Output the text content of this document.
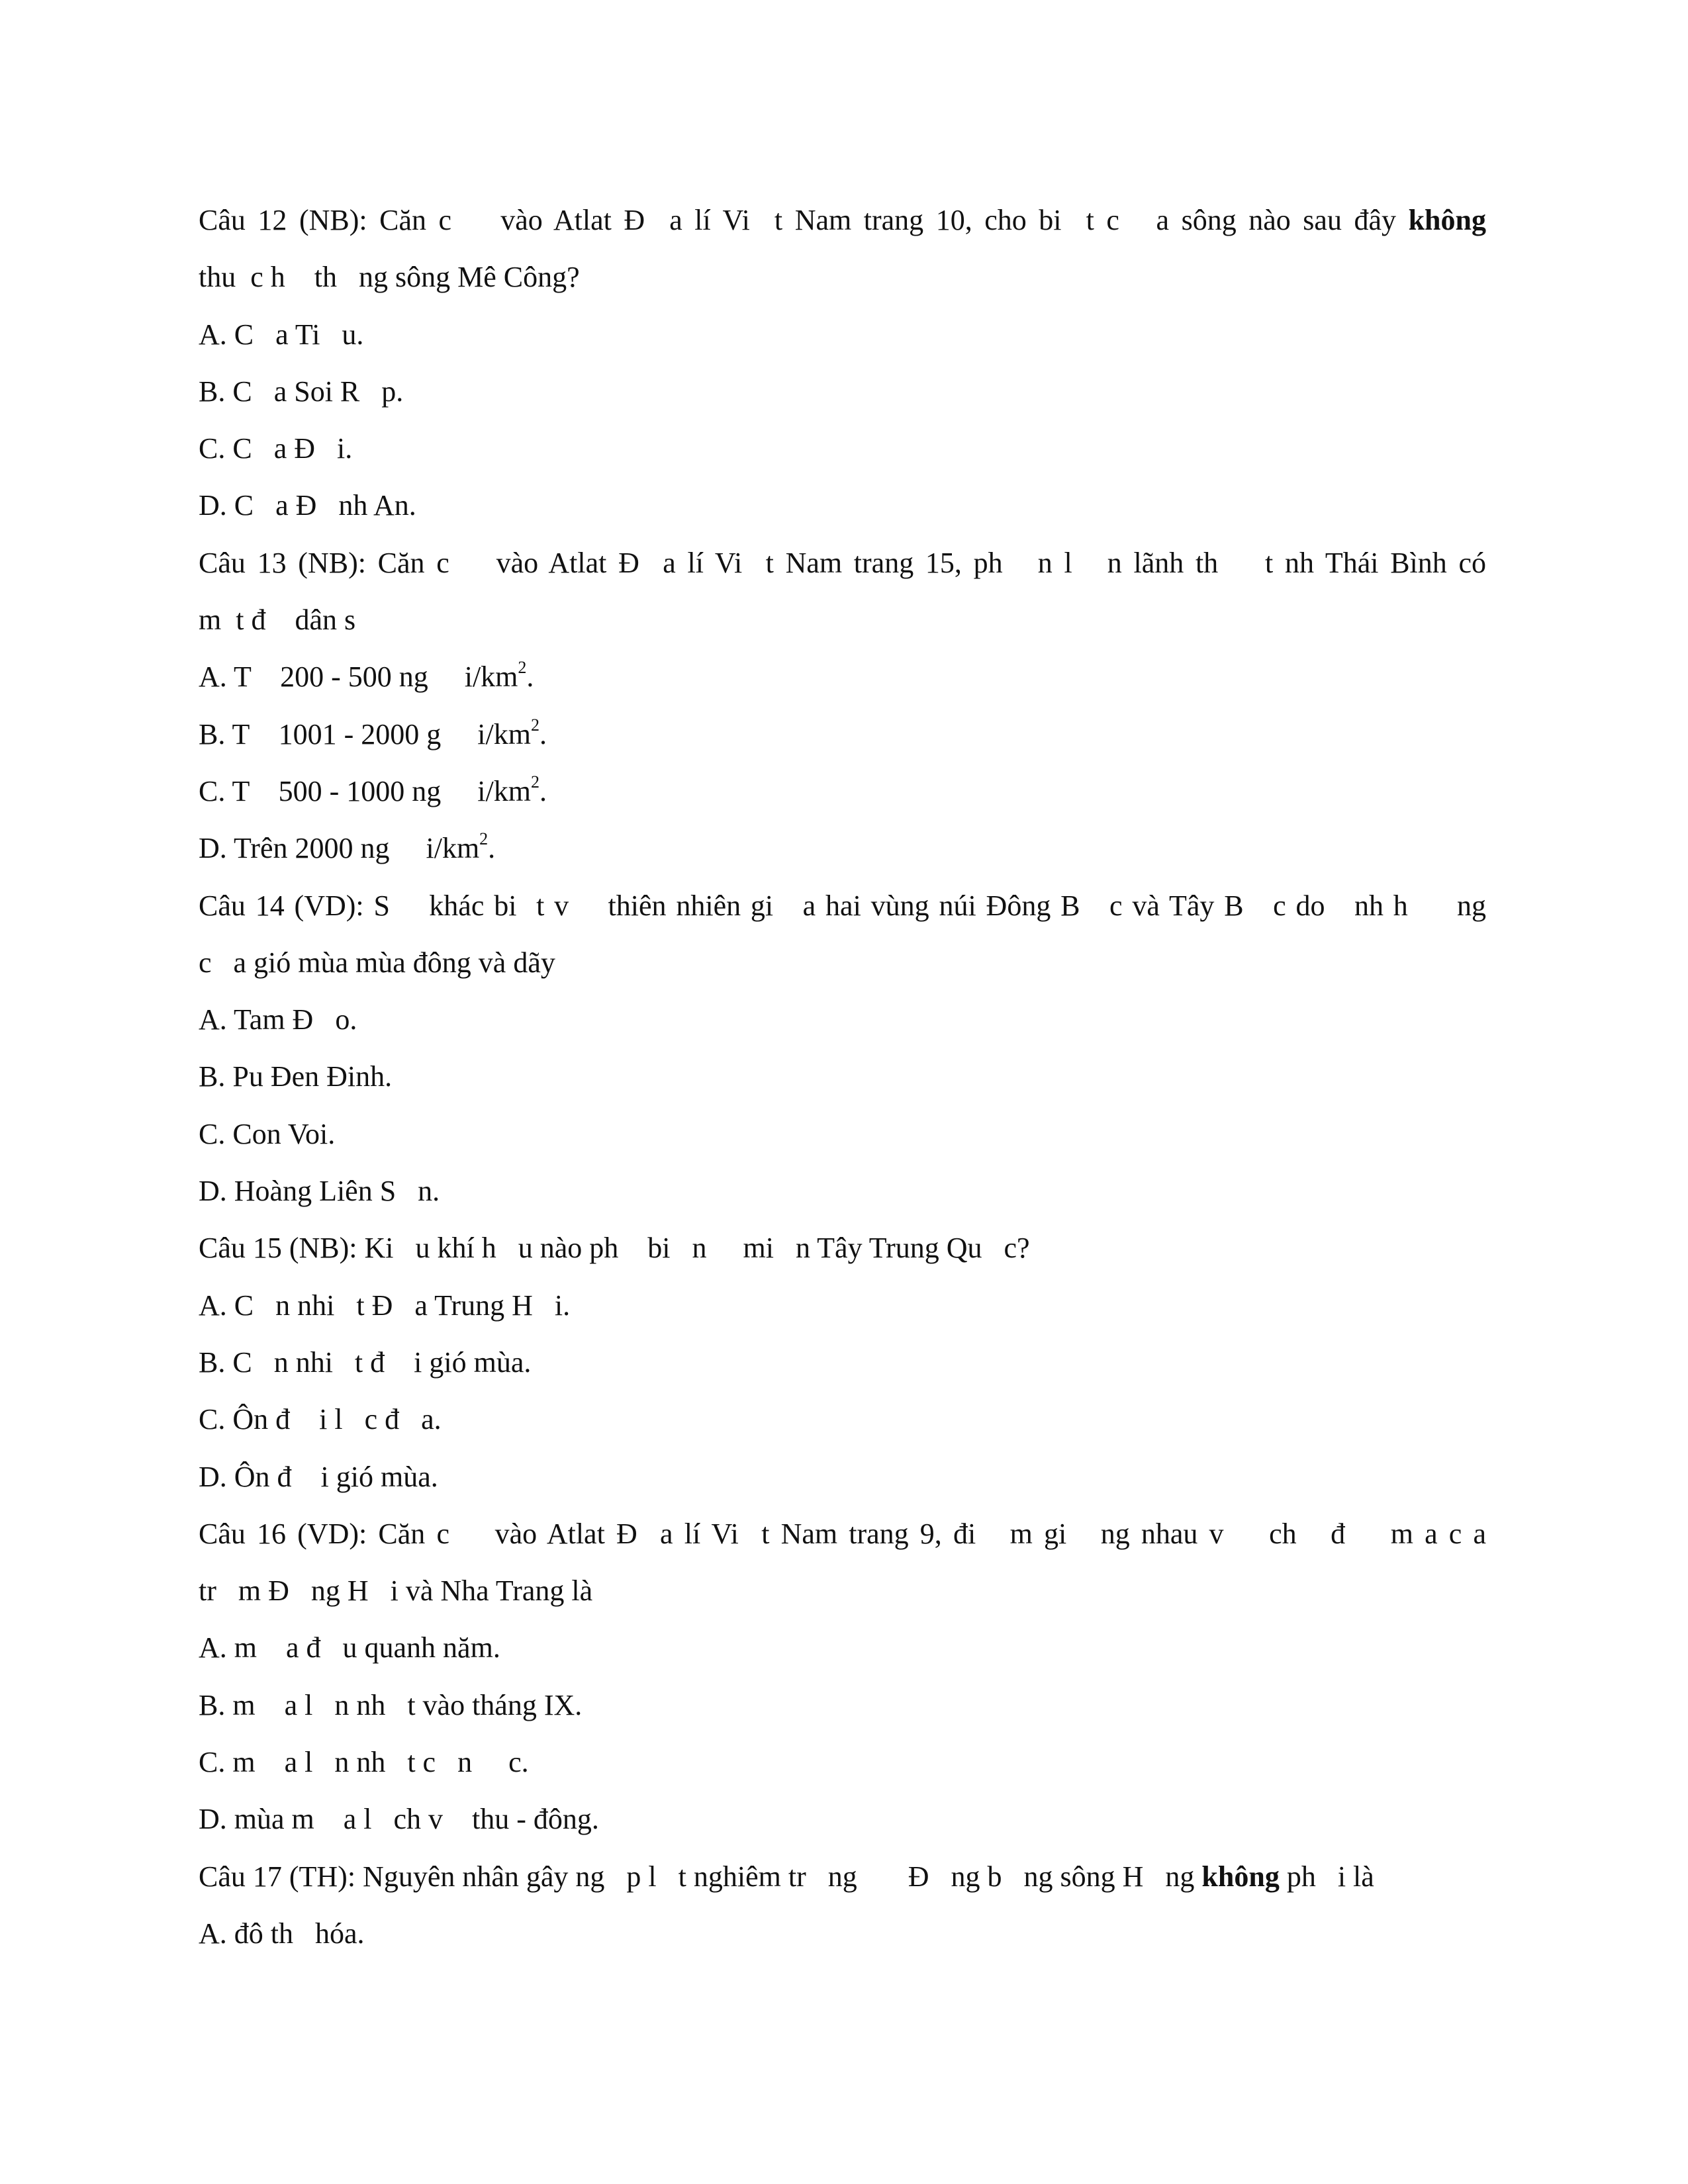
Câu 12 (NB): Căn c    vào Atlat Đ  a lí Vi  t Nam trang 10, cho bi  t c   a sông nào sau đây không
thu  c h    th   ng sông Mê Công?
A. C   a Ti   u.
B. C   a Soi R   p.
C. C   a Đ   i.
D. C   a Đ   nh An.
Câu 13 (NB): Căn c    vào Atlat Đ  a lí Vi  t Nam trang 15, ph   n l   n lãnh th    t nh Thái Bình có
m  t đ    dân s
A. T    200 - 500 ng     $i/km^2$.
B. T    1001 - 2000 g     $i/km^2$.
C. T    500 - 1000 ng     $i/km^2$.
D. Trên 2000 ng     $i/km^2$.
Câu 14 (VD): S    khác bi  t v    thiên nhiên gi   a hai vùng núi Đông B   c và Tây B   c do   nh h     ng
c   a gió mùa mùa đông và dãy
A. Tam Đ   o.
B. Pu Đen Đinh.
C. Con Voi.
D. Hoàng Liên S   n.
Câu 15 (NB): Ki   u khí h   u nào ph    bi   n     mi   n Tây Trung Qu   c?
A. C   n nhi   t Đ   a Trung H   i.
B. C   n nhi   t đ    i gió mùa.
C. Ôn đ    i l   c đ   a.
D. Ôn đ    i gió mùa.
Câu 16 (VD): Căn c    vào Atlat Đ  a lí Vi  t Nam trang 9, đi   m gi   ng nhau v    ch   đ    m a c a
tr   m Đ   ng H   i và Nha Trang là
A. m    a đ   u quanh năm.
B. m    a l   n nh   t vào tháng IX.
C. m    a l   n nh   t c   n     c.
D. mùa m    a l   ch v    thu - đông.
Câu 17 (TH): Nguyên nhân gây ng   p l   t nghiêm tr   ng       Đ   ng b   ng sông H   ng không ph   i là
A. đô th   hóa.
